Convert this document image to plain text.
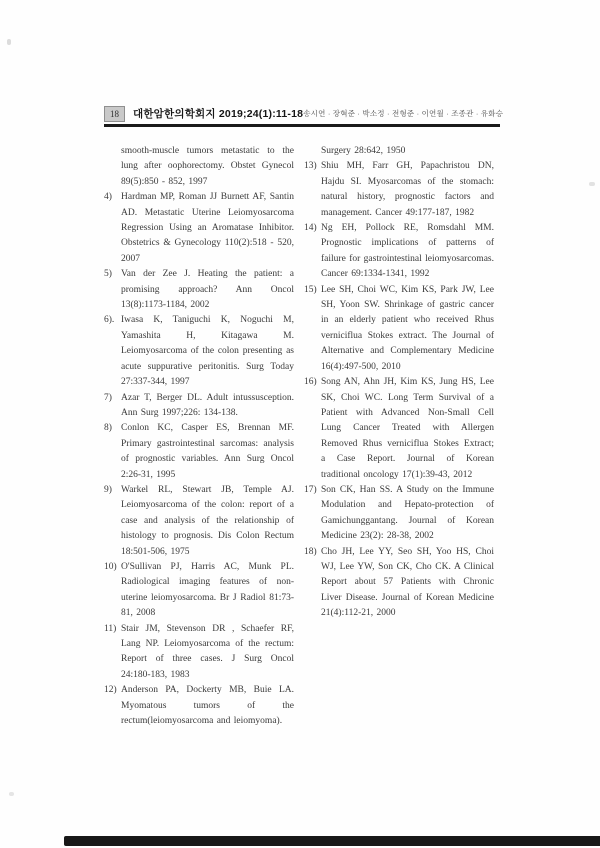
18 대한암한의학회지 2019;24(1):11-18 송시연 · 장혁준 · 박소정 · 전형준 · 이연월 · 조종관 · 유화승
smooth-muscle tumors metastatic to the lung after oophorectomy. Obstet Gynecol 89(5):850 - 852, 1997
4) Hardman MP, Roman JJ Burnett AF, Santin AD. Metastatic Uterine Leiomyosarcoma Regression Using an Aromatase Inhibitor. Obstetrics & Gynecology 110(2):518 - 520, 2007
5) Van der Zee J. Heating the patient: a promising approach? Ann Oncol 13(8):1173-1184, 2002
6). Iwasa K, Taniguchi K, Noguchi M, Yamashita H, Kitagawa M. Leiomyosarcoma of the colon presenting as acute suppurative peritonitis. Surg Today 27:337-344, 1997
7) Azar T, Berger DL. Adult intussusception. Ann Surg 1997;226: 134-138.
8) Conlon KC, Casper ES, Brennan MF. Primary gastrointestinal sarcomas: analysis of prognostic variables. Ann Surg Oncol 2:26-31, 1995
9) Warkel RL, Stewart JB, Temple AJ. Leiomyosarcoma of the colon: report of a case and analysis of the relationship of histology to prognosis. Dis Colon Rectum 18:501-506, 1975
10) O'Sullivan PJ, Harris AC, Munk PL. Radiological imaging features of non-uterine leiomyosarcoma. Br J Radiol 81:73-81, 2008
11) Stair JM, Stevenson DR , Schaefer RF, Lang NP. Leiomyosarcoma of the rectum: Report of three cases. J Surg Oncol 24:180-183, 1983
12) Anderson PA, Dockerty MB, Buie LA. Myomatous tumors of the rectum(leiomyosarcoma and leiomyoma).
Surgery 28:642, 1950
13) Shiu MH, Farr GH, Papachristou DN, Hajdu SI. Myosarcomas of the stomach: natural history, prognostic factors and management. Cancer 49:177-187, 1982
14) Ng EH, Pollock RE, Romsdahl MM. Prognostic implications of patterns of failure for gastrointestinal leiomyosarcomas. Cancer 69:1334-1341, 1992
15) Lee SH, Choi WC, Kim KS, Park JW, Lee SH, Yoon SW. Shrinkage of gastric cancer in an elderly patient who received Rhus verniciflua Stokes extract. The Journal of Alternative and Complementary Medicine 16(4):497-500, 2010
16) Song AN, Ahn JH, Kim KS, Jung HS, Lee SK, Choi WC. Long Term Survival of a Patient with Advanced Non-Small Cell Lung Cancer Treated with Allergen Removed Rhus verniciflua Stokes Extract; a Case Report. Journal of Korean traditional oncology 17(1):39-43, 2012
17) Son CK, Han SS. A Study on the Immune Modulation and Hepato-protection of Gamichunggantang. Journal of Korean Medicine 23(2): 28-38, 2002
18) Cho JH, Lee YY, Seo SH, Yoo HS, Choi WJ, Lee YW, Son CK, Cho CK. A Clinical Report about 57 Patients with Chronic Liver Disease. Journal of Korean Medicine 21(4):112-21, 2000
